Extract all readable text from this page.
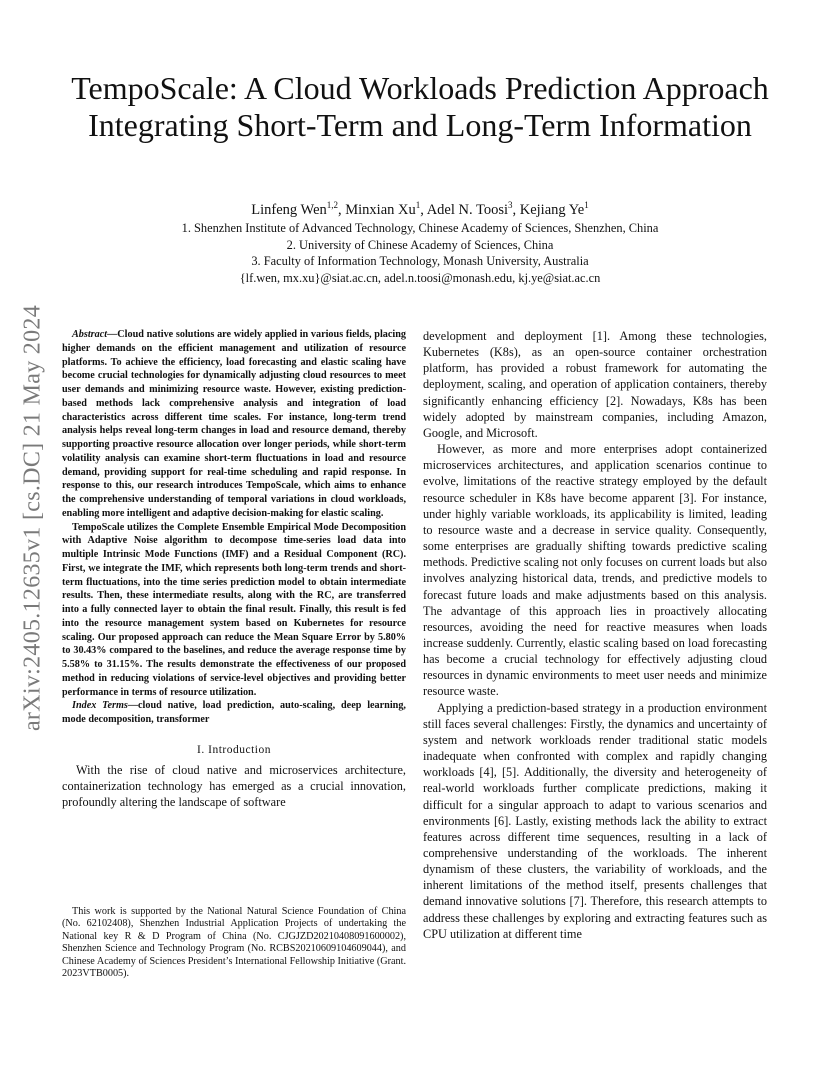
arXiv:2405.12635v1 [cs.DC] 21 May 2024
TempoScale: A Cloud Workloads Prediction Approach Integrating Short-Term and Long-Term Information
Linfeng Wen$^{1,2}$, Minxian Xu$^1$, Adel N. Toosi$^3$, Kejiang Ye$^1$
1. Shenzhen Institute of Advanced Technology, Chinese Academy of Sciences, Shenzhen, China
2. University of Chinese Academy of Sciences, China
3. Faculty of Information Technology, Monash University, Australia
{lf.wen, mx.xu}@siat.ac.cn, adel.n.toosi@monash.edu, kj.ye@siat.ac.cn

Abstract—Cloud native solutions are widely applied in various fields, placing higher demands on the efficient management and utilization of resource platforms. To achieve the efficiency, load forecasting and elastic scaling have become crucial technologies for dynamically adjusting cloud resources to meet user demands and minimizing resource waste. However, existing prediction-based methods lack comprehensive analysis and integration of load characteristics across different time scales. For instance, long-term trend analysis helps reveal long-term changes in load and resource demand, thereby supporting proactive resource allocation over longer periods, while short-term volatility analysis can examine short-term fluctuations in load and resource demand, providing support for real-time scheduling and rapid response. In response to this, our research introduces TempoScale, which aims to enhance the comprehensive understanding of temporal variations in cloud workloads, enabling more intelligent and adaptive decision-making for elastic scaling.

TempoScale utilizes the Complete Ensemble Empirical Mode Decomposition with Adaptive Noise algorithm to decompose time-series load data into multiple Intrinsic Mode Functions (IMF) and a Residual Component (RC). First, we integrate the IMF, which represents both long-term trends and short-term fluctuations, into the time series prediction model to obtain intermediate results. Then, these intermediate results, along with the RC, are transferred into a fully connected layer to obtain the final result. Finally, this result is fed into the resource management system based on Kubernetes for resource scaling. Our proposed approach can reduce the Mean Square Error by 5.80% to 30.43% compared to the baselines, and reduce the average response time by 5.58% to 31.15%. The results demonstrate the effectiveness of our proposed method in reducing violations of service-level objectives and providing better performance in terms of resource utilization.

Index Terms—cloud native, load prediction, auto-scaling, deep learning, mode decomposition, transformer

I. Introduction

With the rise of cloud native and microservices architecture, containerization technology has emerged as a crucial innovation, profoundly altering the landscape of software

This work is supported by the National Natural Science Foundation of China (No. 62102408), Shenzhen Industrial Application Projects of undertaking the National key R & D Program of China (No. CJGJZD20210408091600002), Shenzhen Science and Technology Program (No. RCBS20210609104609044), and Chinese Academy of Sciences President’s International Fellowship Initiative (Grant. 2023VTB0005).

development and deployment [1]. Among these technologies, Kubernetes (K8s), as an open-source container orchestration platform, has provided a robust framework for automating the deployment, scaling, and operation of application containers, thereby significantly enhancing efficiency [2]. Nowadays, K8s has been widely adopted by mainstream companies, including Amazon, Google, and Microsoft.

However, as more and more enterprises adopt containerized microservices architectures, and application scenarios continue to evolve, limitations of the reactive strategy employed by the default resource scheduler in K8s have become apparent [3]. For instance, under highly variable workloads, its applicability is limited, leading to resource waste and a decrease in service quality. Consequently, some enterprises are gradually shifting towards predictive scaling methods. Predictive scaling not only focuses on current loads but also involves analyzing historical data, trends, and predictive models to forecast future loads and make adjustments based on this analysis. The advantage of this approach lies in proactively allocating resources, avoiding the need for reactive measures when loads increase suddenly. Currently, elastic scaling based on load forecasting has become a crucial technology for effectively adjusting cloud resources in dynamic environments to meet user needs and minimize resource waste.

Applying a prediction-based strategy in a production environment still faces several challenges: Firstly, the dynamics and uncertainty of system and network workloads render traditional static models inadequate when confronted with complex and rapidly changing workloads [4], [5]. Additionally, the diversity and heterogeneity of real-world workloads further complicate predictions, making it difficult for a singular approach to adapt to various scenarios and environments [6]. Lastly, existing methods lack the ability to extract features across different time sequences, resulting in a lack of comprehensive understanding of the workloads. The inherent dynamism of these clusters, the variability of workloads, and the inherent limitations of the method itself, presents challenges that demand innovative solutions [7]. Therefore, this research attempts to address these challenges by exploring and extracting features such as CPU utilization at different time
